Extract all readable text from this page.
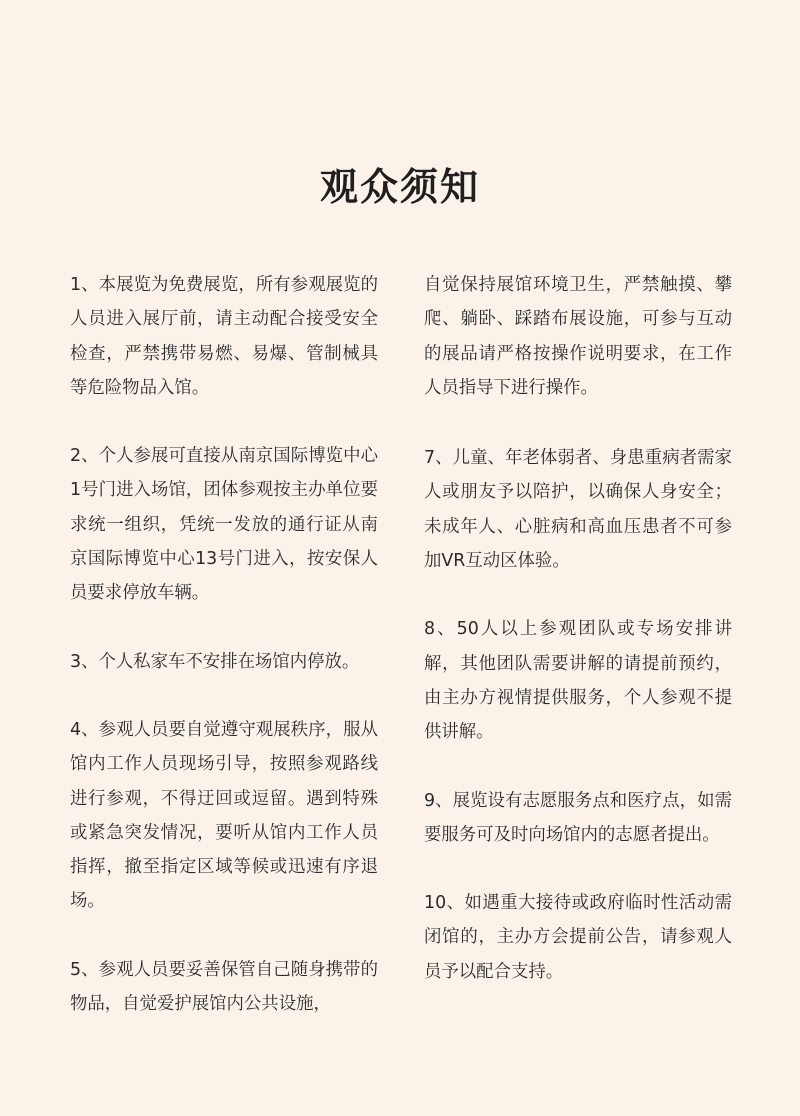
观众须知

1、本展览为免费展览，所有参观展览的人员进入展厅前，请主动配合接受安全检查，严禁携带易燃、易爆、管制械具等危险物品入馆。

2、个人参展可直接从南京国际博览中心1号门进入场馆，团体参观按主办单位要求统一组织，凭统一发放的通行证从南京国际博览中心13号门进入，按安保人员要求停放车辆。

3、个人私家车不安排在场馆内停放。

4、参观人员要自觉遵守观展秩序，服从馆内工作人员现场引导，按照参观路线进行参观，不得迂回或逗留。遇到特殊或紧急突发情况，要听从馆内工作人员指挥，撤至指定区域等候或迅速有序退场。

5、参观人员要妥善保管自己随身携带的物品，自觉爱护展馆内公共设施，

自觉保持展馆环境卫生，严禁触摸、攀爬、躺卧、踩踏布展设施，可参与互动的展品请严格按操作说明要求，在工作人员指导下进行操作。

7、儿童、年老体弱者、身患重病者需家人或朋友予以陪护，以确保人身安全；未成年人、心脏病和高血压患者不可参加VR互动区体验。

8、50人以上参观团队或专场安排讲解，其他团队需要讲解的请提前预约，由主办方视情提供服务，个人参观不提供讲解。

9、展览设有志愿服务点和医疗点，如需要服务可及时向场馆内的志愿者提出。

10、如遇重大接待或政府临时性活动需闭馆的，主办方会提前公告，请参观人员予以配合支持。
